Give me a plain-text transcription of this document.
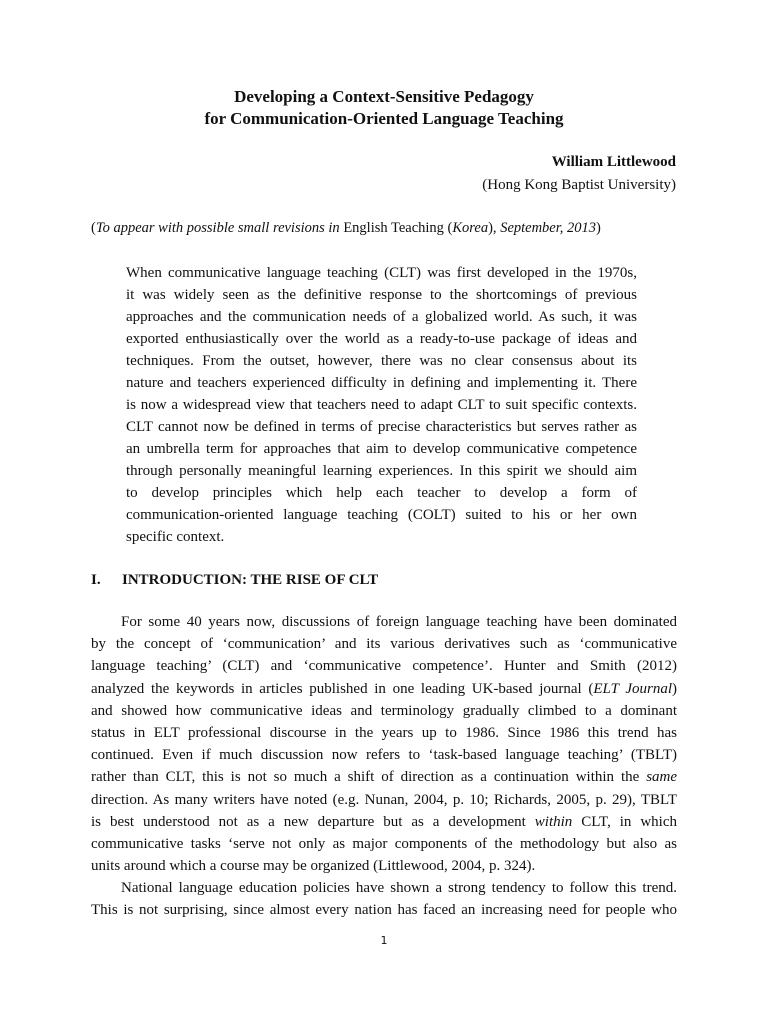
Developing a Context-Sensitive Pedagogy
for Communication-Oriented Language Teaching
William Littlewood
(Hong Kong Baptist University)
(To appear with possible small revisions in English Teaching (Korea), September, 2013)
When communicative language teaching (CLT) was first developed in the 1970s,
it was widely seen as the definitive response to the shortcomings of previous
approaches and the communication needs of a globalized world. As such, it was
exported enthusiastically over the world as a ready-to-use package of ideas and
techniques. From the outset, however, there was no clear consensus about its
nature and teachers experienced difficulty in defining and implementing it. There
is now a widespread view that teachers need to adapt CLT to suit specific contexts.
CLT cannot now be defined in terms of precise characteristics but serves rather as
an umbrella term for approaches that aim to develop communicative competence
through personally meaningful learning experiences. In this spirit we should aim
to develop principles which help each teacher to develop a form of
communication-oriented language teaching (COLT) suited to his or her own
specific context.
I. INTRODUCTION: THE RISE OF CLT
For some 40 years now, discussions of foreign language teaching have been dominated
by the concept of ‘communication’ and its various derivatives such as ‘communicative
language teaching’ (CLT) and ‘communicative competence’. Hunter and Smith (2012)
analyzed the keywords in articles published in one leading UK-based journal (ELT Journal)
and showed how communicative ideas and terminology gradually climbed to a dominant
status in ELT professional discourse in the years up to 1986. Since 1986 this trend has
continued. Even if much discussion now refers to ‘task-based language teaching’ (TBLT)
rather than CLT, this is not so much a shift of direction as a continuation within the same
direction. As many writers have noted (e.g. Nunan, 2004, p. 10; Richards, 2005, p. 29), TBLT
is best understood not as a new departure but as a development within CLT, in which
communicative tasks ‘serve not only as major components of the methodology but also as
units around which a course may be organized (Littlewood, 2004, p. 324).
National language education policies have shown a strong tendency to follow this trend.
This is not surprising, since almost every nation has faced an increasing need for people who
1
